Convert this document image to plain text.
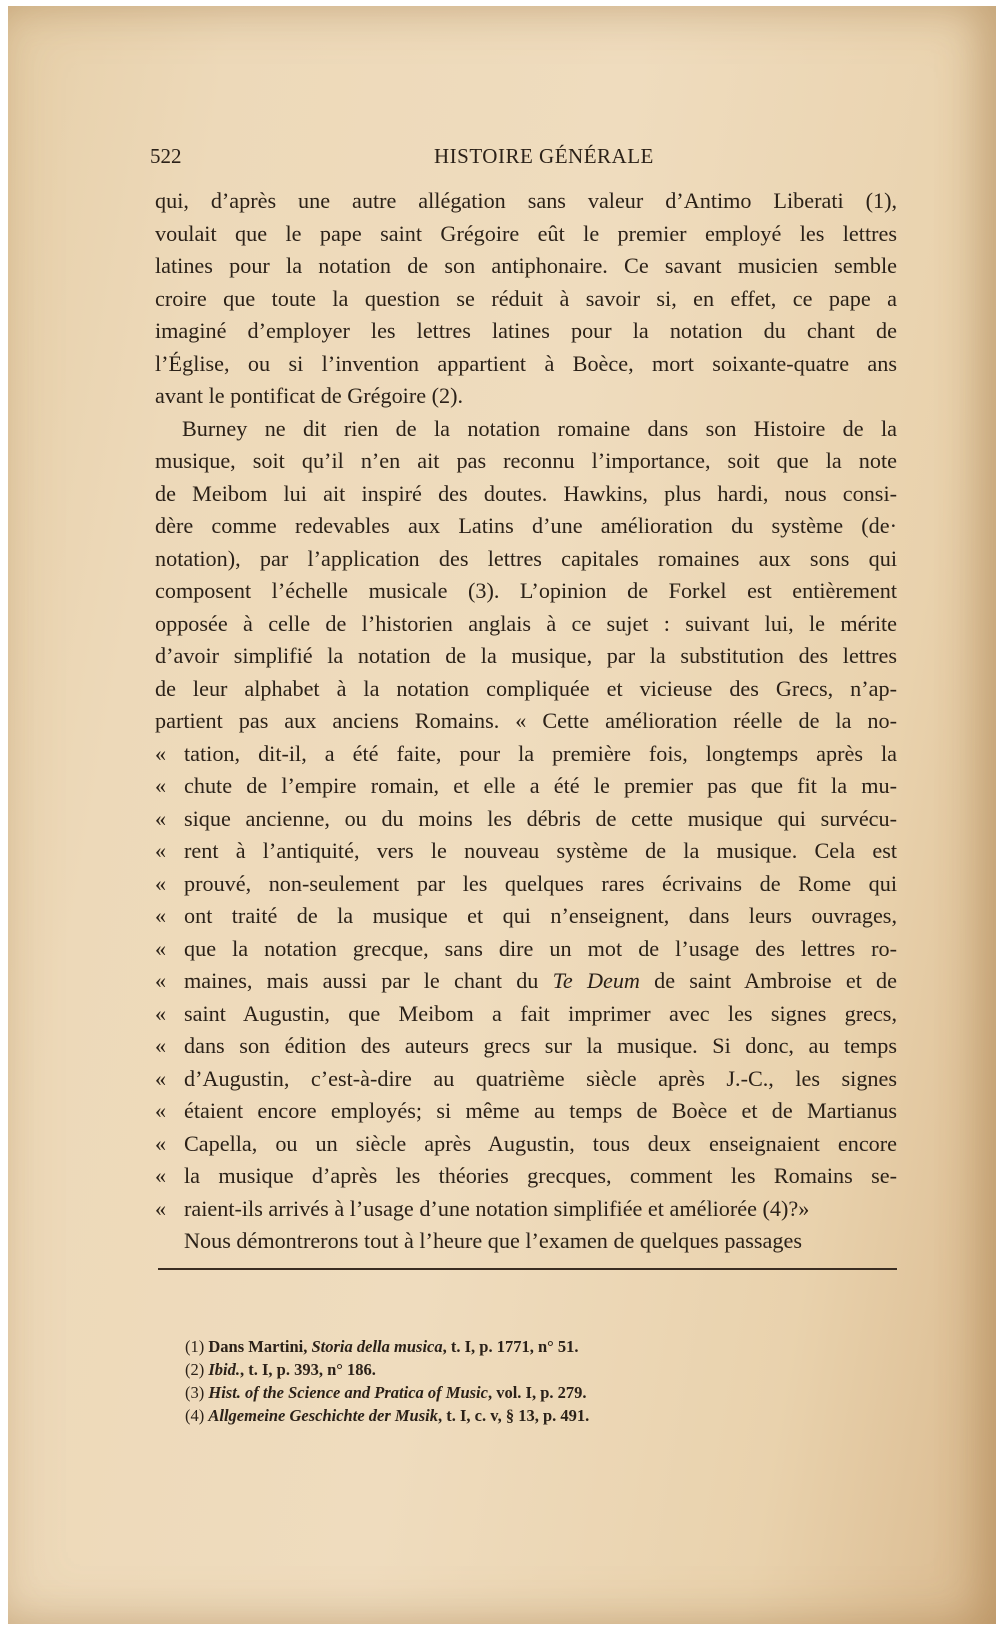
522	HISTOIRE GÉNÉRALE
qui, d’après une autre allégation sans valeur d’Antimo Liberati (1),
voulait que le pape saint Grégoire eût le premier employé les lettres
latines pour la notation de son antiphonaire. Ce savant musicien semble
croire que toute la question se réduit à savoir si, en effet, ce pape a
imaginé d’employer les lettres latines pour la notation du chant de
l’Église, ou si l’invention appartient à Boèce, mort soixante-quatre ans
avant le pontificat de Grégoire (2).
Burney ne dit rien de la notation romaine dans son Histoire de la
musique, soit qu’il n’en ait pas reconnu l’importance, soit que la note
de Meibom lui ait inspiré des doutes. Hawkins, plus hardi, nous consi-
dère comme redevables aux Latins d’une amélioration du système (de·
notation), par l’application des lettres capitales romaines aux sons qui
composent l’échelle musicale (3). L’opinion de Forkel est entièrement
opposée à celle de l’historien anglais à ce sujet : suivant lui, le mérite
d’avoir simplifié la notation de la musique, par la substitution des lettres
de leur alphabet à la notation compliquée et vicieuse des Grecs, n’ap-
partient pas aux anciens Romains. « Cette amélioration réelle de la no-
« tation, dit-il, a été faite, pour la première fois, longtemps après la
« chute de l’empire romain, et elle a été le premier pas que fit la mu-
« sique ancienne, ou du moins les débris de cette musique qui survécu-
« rent à l’antiquité, vers le nouveau système de la musique. Cela est
« prouvé, non-seulement par les quelques rares écrivains de Rome qui
« ont traité de la musique et qui n’enseignent, dans leurs ouvrages,
« que la notation grecque, sans dire un mot de l’usage des lettres ro-
« maines, mais aussi par le chant du Te Deum de saint Ambroise et de
« saint Augustin, que Meibom a fait imprimer avec les signes grecs,
« dans son édition des auteurs grecs sur la musique. Si donc, au temps
« d’Augustin, c’est-à-dire au quatrième siècle après J.-C., les signes
« étaient encore employés; si même au temps de Boèce et de Martianus
« Capella, ou un siècle après Augustin, tous deux enseignaient encore
« la musique d’après les théories grecques, comment les Romains se-
« raient-ils arrivés à l’usage d’une notation simplifiée et améliorée (4)?»
Nous démontrerons tout à l’heure que l’examen de quelques passages
(1) Dans Martini, Storia della musica, t. I, p. 1771, n° 51.
(2) Ibid., t. I, p. 393, n° 186.
(3) Hist. of the Science and Pratica of Music, vol. I, p. 279.
(4) Allgemeine Geschichte der Musik, t. I, c. v, § 13, p. 491.
